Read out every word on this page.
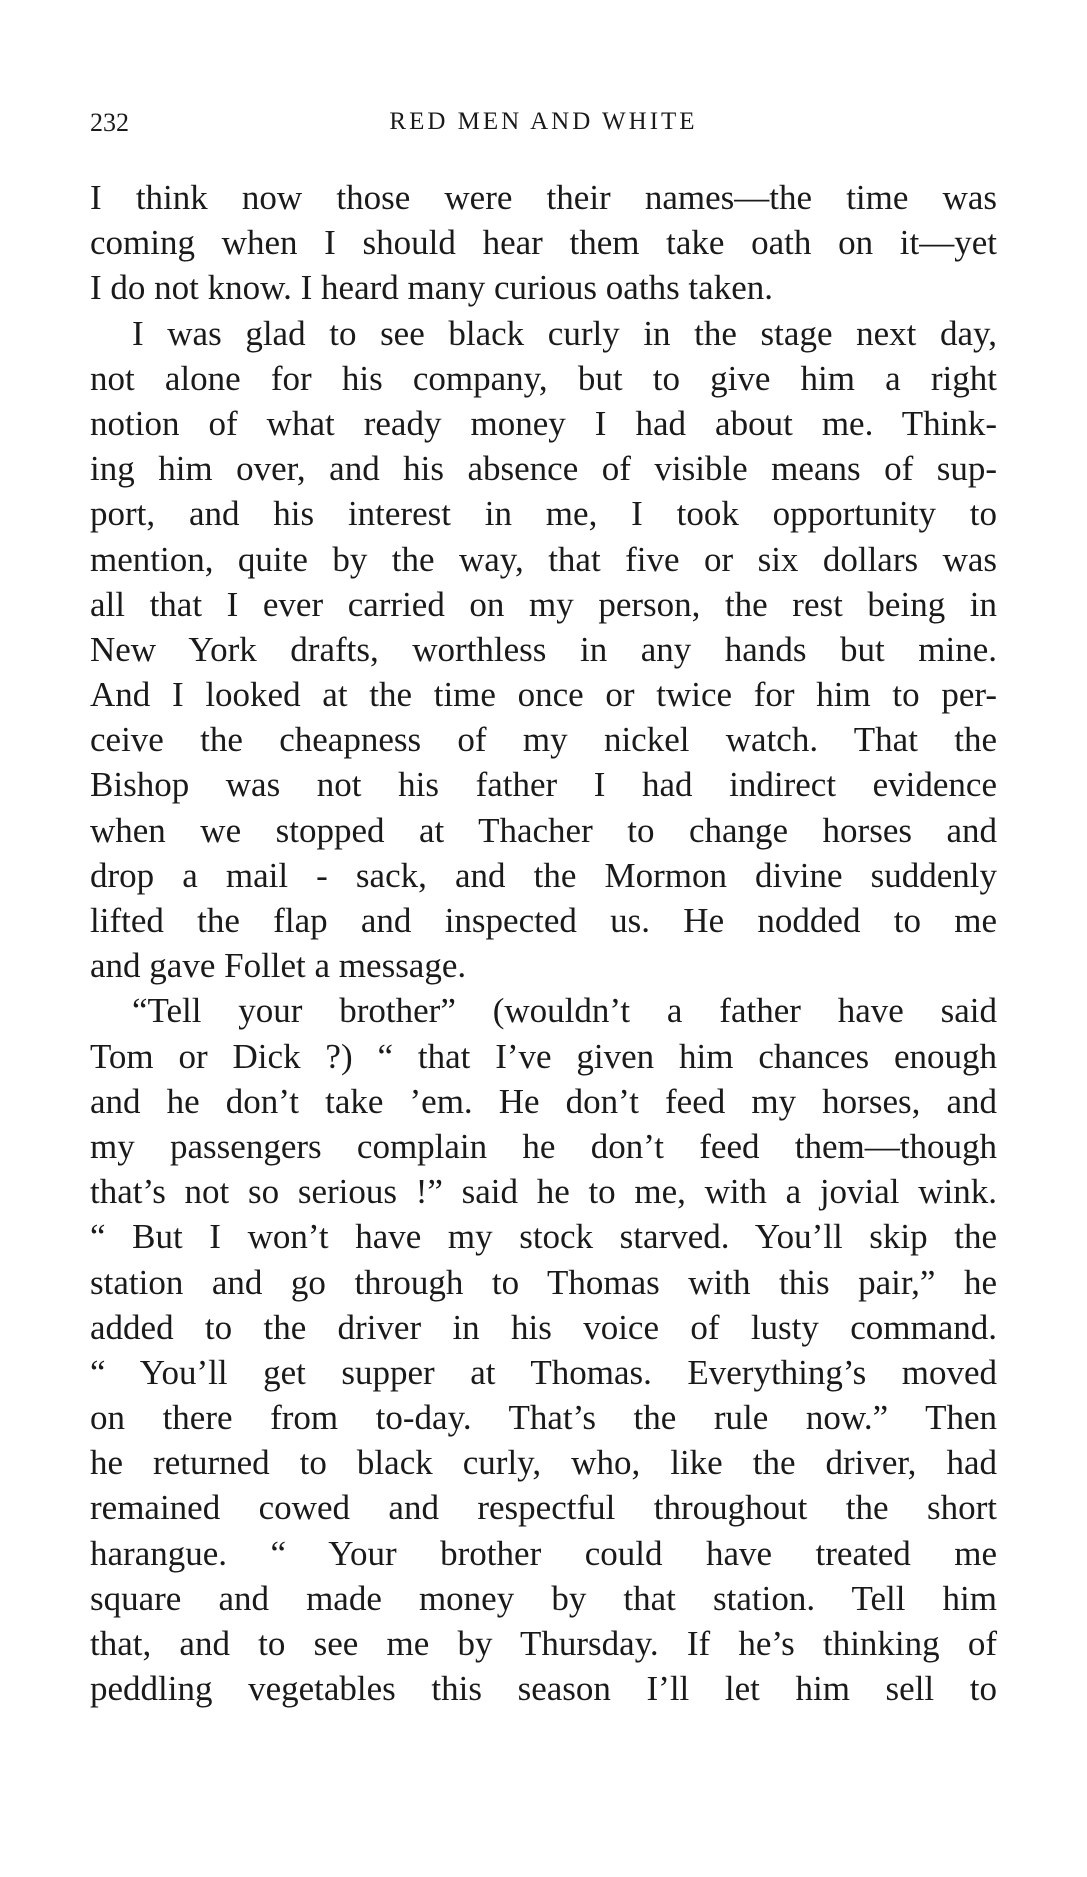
232	RED MEN AND WHITE
I think now those were their names—the time was
coming when I should hear them take oath on it—yet
I do not know. I heard many curious oaths taken.
I was glad to see black curly in the stage next day,
not alone for his company, but to give him a right
notion of what ready money I had about me. Think-
ing him over, and his absence of visible means of sup-
port, and his interest in me, I took opportunity to
mention, quite by the way, that five or six dollars was
all that I ever carried on my person, the rest being in
New York drafts, worthless in any hands but mine.
And I looked at the time once or twice for him to per-
ceive the cheapness of my nickel watch. That the
Bishop was not his father I had indirect evidence
when we stopped at Thacher to change horses and
drop a mail - sack, and the Mormon divine suddenly
lifted the flap and inspected us. He nodded to me
and gave Follet a message.
“Tell your brother” (wouldn’t a father have said
Tom or Dick ?) “ that I’ve given him chances enough
and he don’t take ’em. He don’t feed my horses, and
my passengers complain he don’t feed them—though
that’s not so serious !” said he to me, with a jovial wink.
“ But I won’t have my stock starved. You’ll skip the
station and go through to Thomas with this pair,” he
added to the driver in his voice of lusty command.
“ You’ll get supper at Thomas. Everything’s moved
on there from to-day. That’s the rule now.” Then
he returned to black curly, who, like the driver, had
remained cowed and respectful throughout the short
harangue. “ Your brother could have treated me
square and made money by that station. Tell him
that, and to see me by Thursday. If he’s thinking of
peddling vegetables this season I’ll let him sell to
